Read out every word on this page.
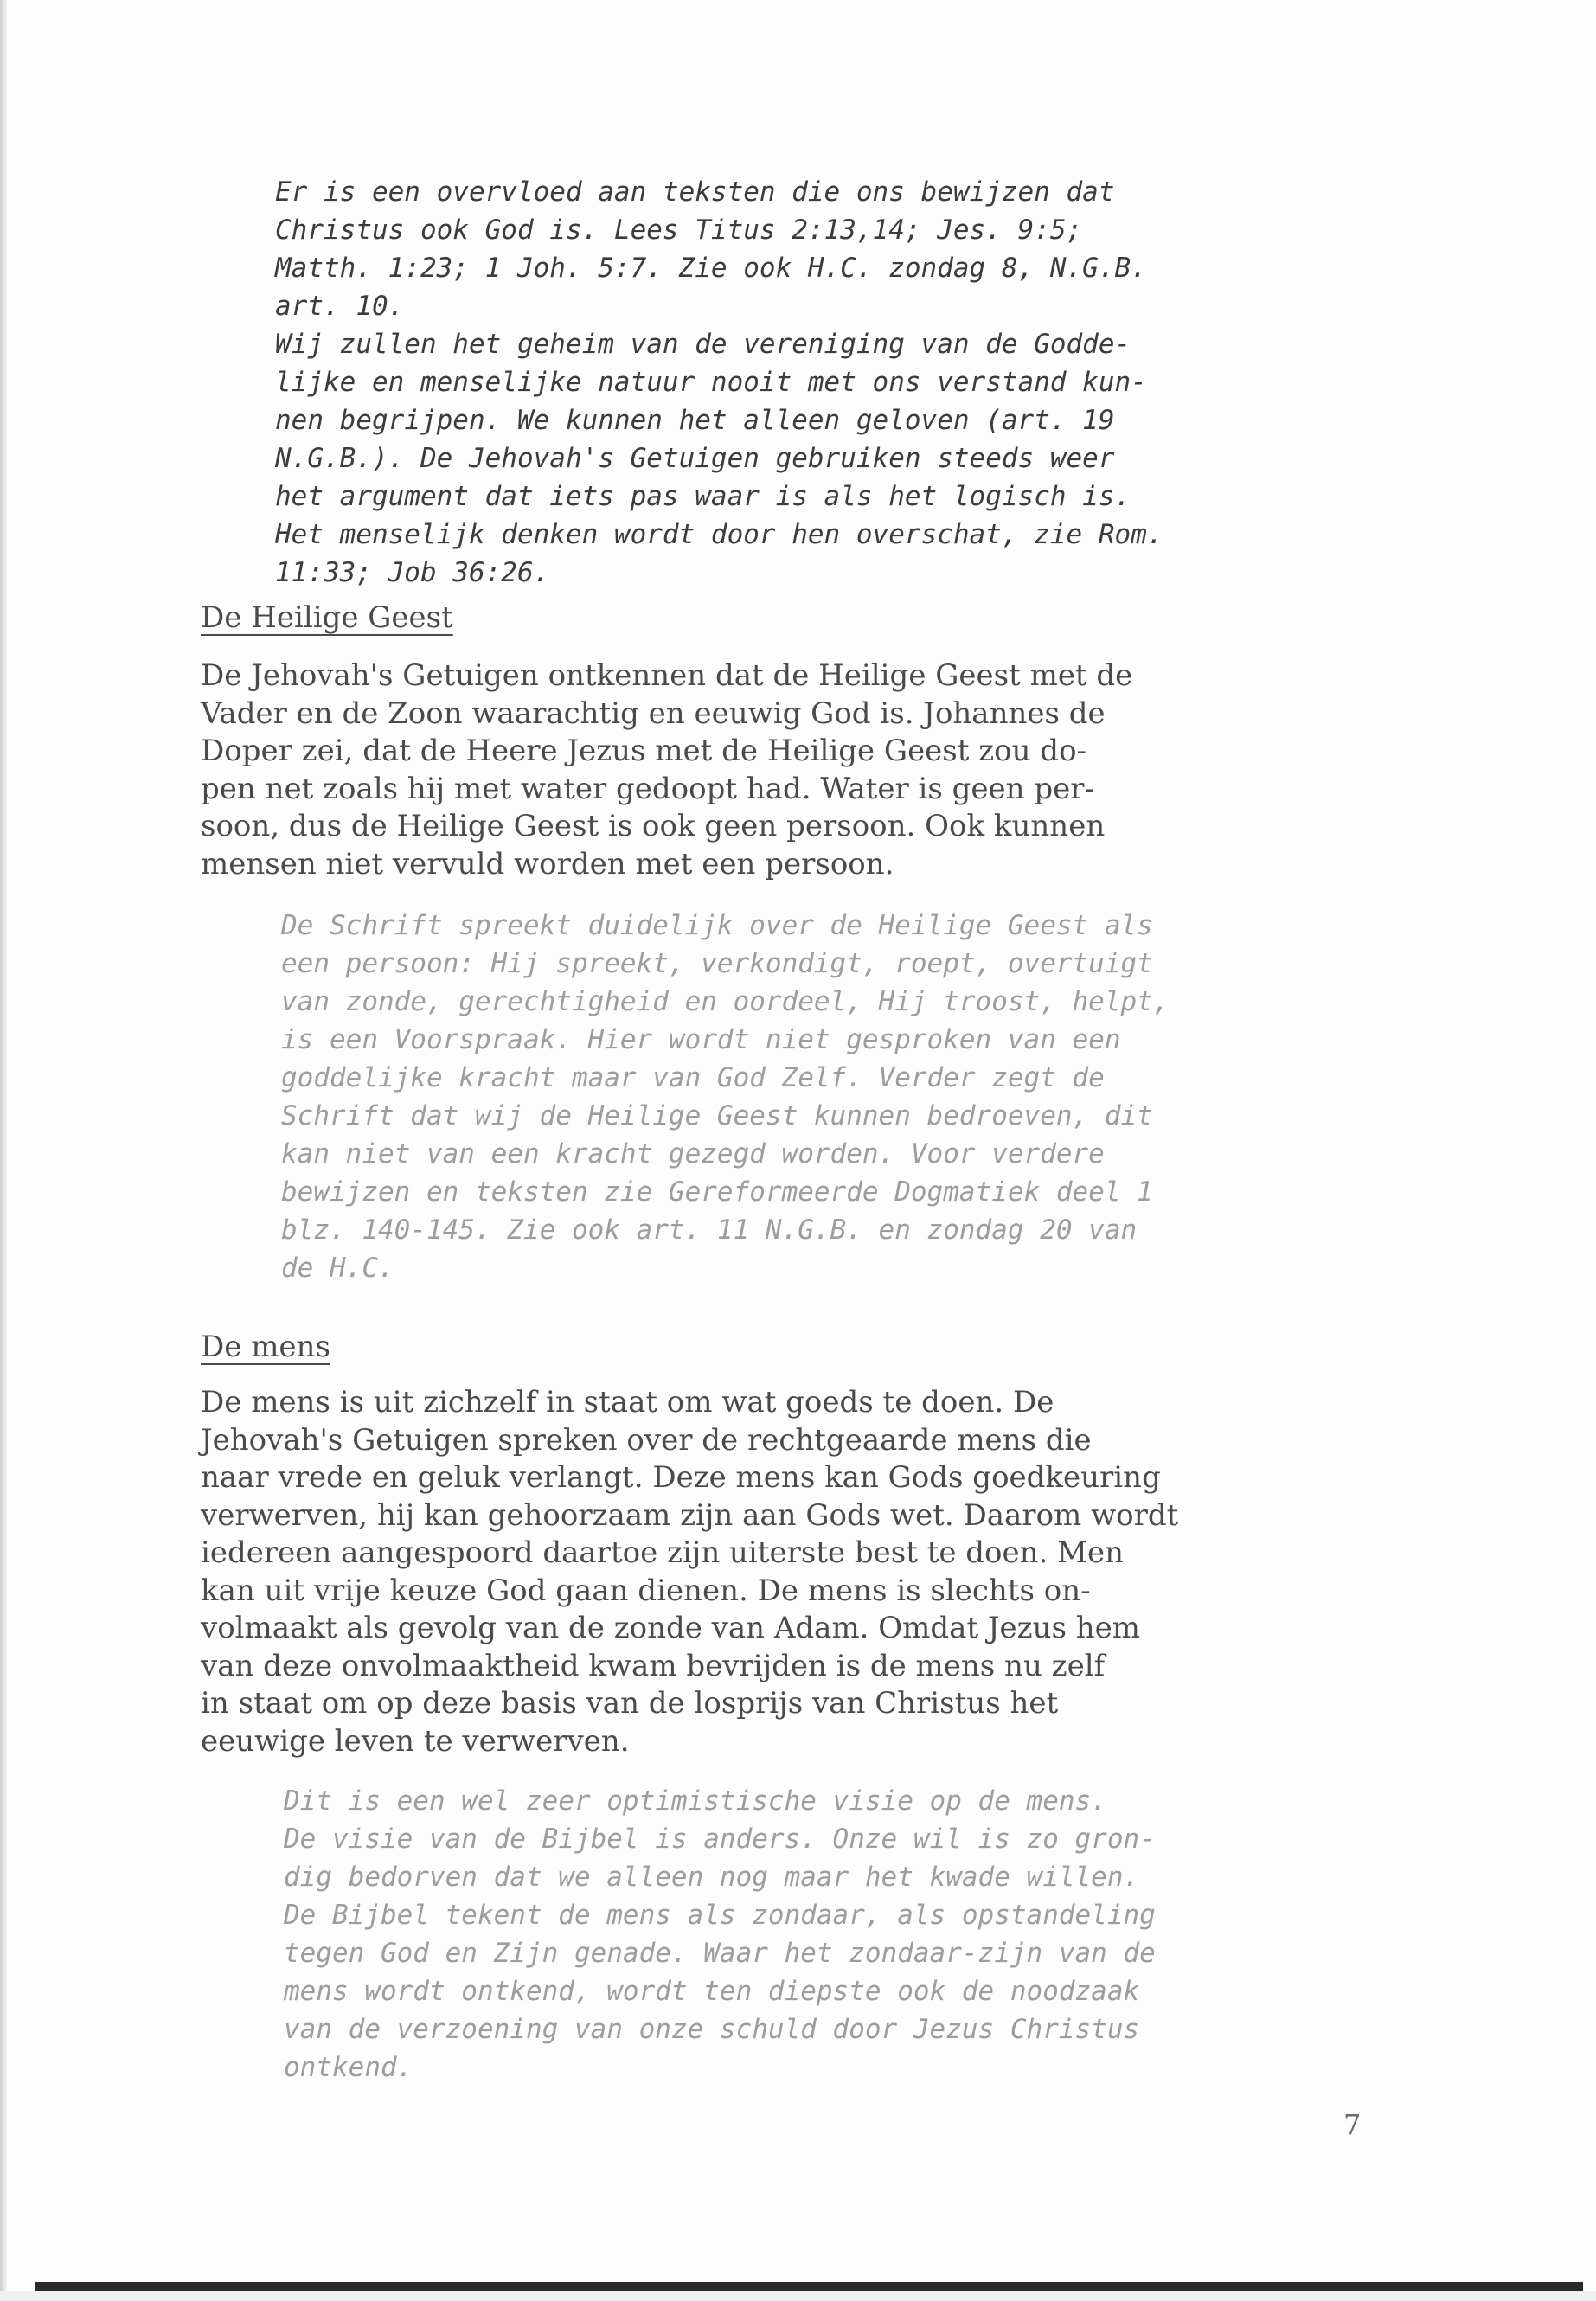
Er is een overvloed aan teksten die ons bewijzen dat
Christus ook God is. Lees Titus 2:13,14; Jes. 9:5;
Matth. 1:23; 1 Joh. 5:7. Zie ook H.C. zondag 8, N.G.B.
art. 10.

Wij zullen het geheim van de vereniging van de Godde-
lijke en menselijke natuur nooit met ons verstand kun-
nen begrijpen. We kunnen het alleen geloven (art. 19
N.G.B.). De Jehovah's Getuigen gebruiken steeds weer
het argument dat iets pas waar is als het logisch is.
Het menselijk denken wordt door hen overschat, zie Rom.
11:33; Job 36:26.

De Heilige Geest

De Jehovah's Getuigen ontkennen dat de Heilige Geest met de
Vader en de Zoon waarachtig en eeuwig God is. Johannes de
Doper zei, dat de Heere Jezus met de Heilige Geest zou do-
pen net zoals hij met water gedoopt had. Water is geen per-
soon, dus de Heilige Geest is ook geen persoon. Ook kunnen
mensen niet vervuld worden met een persoon.

De Schrift spreekt duidelijk over de Heilige Geest als
een persoon: Hij spreekt, verkondigt, roept, overtuigt
van zonde, gerechtigheid en oordeel, Hij troost, helpt,
is een Voorspraak. Hier wordt niet gesproken van een
goddelijke kracht maar van God Zelf. Verder zegt de
Schrift dat wij de Heilige Geest kunnen bedroeven, dit
kan niet van een kracht gezegd worden. Voor verdere
bewijzen en teksten zie Gereformeerde Dogmatiek deel 1
blz. 140-145. Zie ook art. 11 N.G.B. en zondag 20 van
de H.C.

De mens

De mens is uit zichzelf in staat om wat goeds te doen. De
Jehovah's Getuigen spreken over de rechtgeaarde mens die
naar vrede en geluk verlangt. Deze mens kan Gods goedkeuring
verwerven, hij kan gehoorzaam zijn aan Gods wet. Daarom wordt
iedereen aangespoord daartoe zijn uiterste best te doen. Men
kan uit vrije keuze God gaan dienen. De mens is slechts on-
volmaakt als gevolg van de zonde van Adam. Omdat Jezus hem
van deze onvolmaaktheid kwam bevrijden is de mens nu zelf
in staat om op deze basis van de losprijs van Christus het
eeuwige leven te verwerven.

Dit is een wel zeer optimistische visie op de mens.
De visie van de Bijbel is anders. Onze wil is zo gron-
dig bedorven dat we alleen nog maar het kwade willen.
De Bijbel tekent de mens als zondaar, als opstandeling
tegen God en Zijn genade. Waar het zondaar-zijn van de
mens wordt ontkend, wordt ten diepste ook de noodzaak
van de verzoening van onze schuld door Jezus Christus
ontkend.

7
